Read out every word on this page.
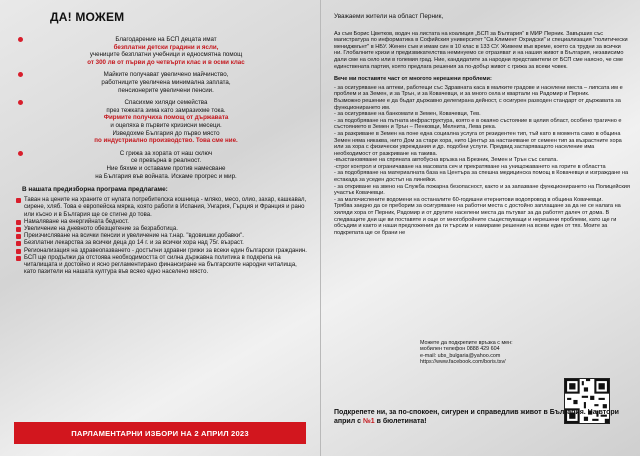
ДА! МОЖЕМ

Благодарение на БСП децата имат

безплатни детски градини и ясли,

учениците безплатни учебници и едносмятна помощ

от 300 лв от първи до четвърти клас и в осми клас

Майките получават увеличено майчинство,

работниците увеличена минимална заплата,

пенсионерите увеличени пенсии.

Спасихме хиляди семейства

през тежката зима като замразихме тока.

Фирмите получиха помощ от държавата

и оцеляха в първите кризисни месеци.

Изведохме България до първо място

по индустриално производство. Това сме ние.

С грижа за хората от наш сключ

се превърна в реалност.

Ние бяхме и оставаме против намесване

на България във войната. Искаме прогрес и мир.

В нашата предизборна програма предлагаме:
Таван на цените на храните от нулата потребителска кошница - мляко, месо, олио, захар, кашкавал, сирене, хляб. Това е европейска мярка, която работи в Испания, Унгария, Гърция и Франция и рано или късно и в България ще се стигне до това.
Намаляване на енергийната бедност.
Увеличение на дневното обезщетение за безработица.
Преизчисляване на всички пенсии и увеличение на т.нар. "вдовишки добавки".
Безплатни лекарства за всички деца до 14 г. и за всички хора над 75г. възраст.
Регионализация на здравеопазването - достъпни здравни грижи за всеки един български гражданин.
БСП ще продължи да отстоява необходимостта от силна държавна политика в подкрепа на читалищата и достойно и ясно регламентирано финансиране на българските народни читалища, като пазители на нашата култура във всяко едно населено място.
ПАРЛАМЕНТАРНИ ИЗБОРИ НА 2 АПРИЛ 2023
Уважаеми жители на област Перник,
Аз съм Борис Цветков, водач на листата на коалиция „БСП за България“ в МИР Перник. Завърших със магистратура по информатика в Софийския университет "Св.Климент Охридски" и специализация "политически мениджмънт" в НБУ. Женен съм и имам син в 10 клас в 133 СУ. Живеем във време, което са трудни за всички ни. Глобалните кризи и предизвикателства неминуемо се отразяват и на нашия живот в България, независимо дали сме на село или в големия град. Ние, кандидатите за народни представители от БСП сме наясно, че сме единствената партия, която предлага решения за по-добър живот с грижа за всеки човек.
Вече ми поставяте част от многото нерешени проблеми:

- за осигуряване на аптеки, работещи със Здравната каса в малките градове и населени места – липсата им е проблем и за Земен, и за Трън, и за Ковачевци, и за много села и квартали на Радомир и Перник.

Възможно решение е да бъдат държавно делегирана дейност, с осигурен разходен стандарт от държавата за функционирането им.

- за осигуряване на банкомати в Земен, Ковачевци, Тев.

- за подобряване на пътната инфраструктура, която е в окаяно състояние в целия област, особено трагично е състоянието в Земен и Трън – Пенковци, Мелнита, Лева река.

- за разкриване в Земен на поне една социална услуга от резидентен тип, тъй като в момента само в община Земен няма никаква, нито Дом за стари хора, нито Център за настаняване от семеен тип за възрастните хора или за хора с физически увреждания и др. подобни услуги. Предвид застаряващото население има необходимост от разкриване на такива.

-възстановяване на спряната автобусна връзка на Брезник, Земен и Трън със селата.

-строг контрол и ограничаване на масовата сеч и прекратяване на унищожаването на горите в областта

- за подобряване на материалната база на Центъра за спешна медицинска помощ в Ковачевци и изграждане на естакада за уседен достъп на линейки.

- за откриване на звено на Служба пожарна безопасност, както и за запазване функционирането на Полицейския участък Ковачевци.

- за малочислените водомени на останалите 60-годишни етернитови водопровод в община Ковачевци.

Трябва заедно да се преборим за осигуряване на работни места с достойно заплащане за да не се налага на хиляди хора от Перник, Радомир и от другите населени места да пътуват за да работят далеч от дома. В следващите дни ще ви поставяте и още от многобройните съществуващи и нерешени проблеми, като ще ги обсъдим и както и наши предложения да ги търсим и намираме решения на всеки един от тях. Моите за подкрепата ще се брани не

Можете да подкрепите връзка с мен:

мобилен телефон 0888 429 604

e-mail: ubs_bulgaria@yahoo.com

https://www.facebook.com/boris.tsv/

Подкрепете ни, за по-спокоен, сигурен и справедлив живот в България. На втори април с №1 в бюлетината!
